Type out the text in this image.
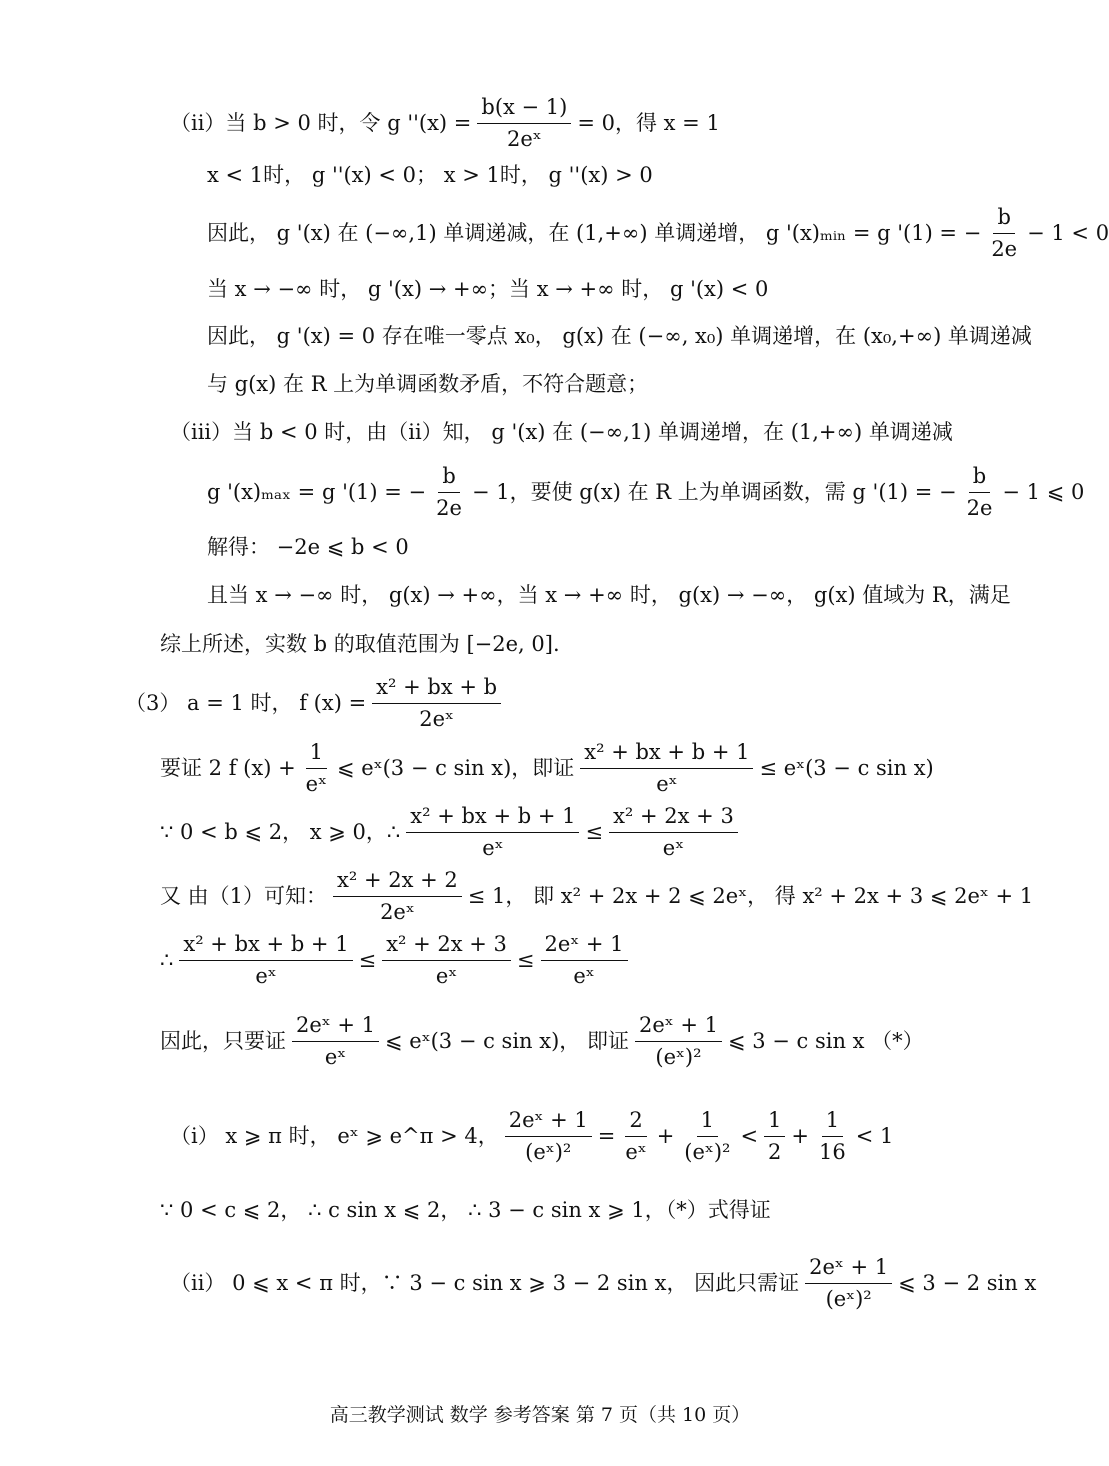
（ii）当 b > 0 时，令 g ''$(x) = \frac{b(x - 1)}{\text{2eˣ}} = 0$，得 x = 1
x < 1时， g ''(x) < 0； x > 1时， g ''(x) > 0
因此， g '(x) 在 (−∞,1) 单调递减，在 (1,+∞) 单调递增， g '(x)ₘᵢₙ = g '(1) = − $\frac{b}{2e} - 1 < 0$
当 x → −∞ 时， g '(x) → +∞；当 x → +∞ 时， g '(x) < 0
因此， g '(x) = 0 存在唯一零点 x₀， g(x) 在 (−∞, x₀) 单调递增，在 (x₀,+∞) 单调递减
与 g(x) 在 R 上为单调函数矛盾，不符合题意；
（iii）当 b < 0 时，由（ii）知， g '(x) 在 (−∞,1) 单调递增，在 (1,+∞) 单调递减
g '(x)ₘₐₓ = g '(1) = − $\frac{b}{2e} - 1$，要使 g(x) 在 R 上为单调函数，需 g '(1) = − $\frac{b}{2e} - 1$ ⩽ 0
解得： −2e ⩽ b < 0
且当 x → −∞ 时， g(x) → +∞，当 x → +∞ 时， g(x) → −∞， g(x) 值域为 R，满足
综上所述，实数 b 的取值范围为 [−2e, 0].
（3） a = 1 时， f $(x) = \frac{\text{x² + bx + b}}{\text{2eˣ}}$
要证 2 f $(x) + \frac{1}{\text{eˣ}}$ ⩽ eˣ(3 − c sin x)，即证 $\frac{\text{x² + bx + b + 1}}{\text{eˣ}}$ ≤ eˣ(3 − c sin x)
∵ 0 < b ⩽ 2， x ⩾ 0，∴ $\frac{\text{x² + bx + b + 1}}{\text{eˣ}} \le \frac{\text{x² + 2x + 3}}{\text{eˣ}}$
又 由（1）可知： $\frac{\text{x² + 2x + 2}}{\text{2eˣ}} \le 1$， 即 x² + 2x + 2 ⩽ 2eˣ， 得 x² + 2x + 3 ⩽ 2eˣ + 1
∴ $\frac{\text{x² + bx + b + 1}}{\text{eˣ}} \le \frac{\text{x² + 2x + 3}}{\text{eˣ}} \le \frac{\text{2eˣ + 1}}{\text{eˣ}}$
因此，只要证 $\frac{\text{2eˣ + 1}}{\text{eˣ}}$ ⩽ eˣ(3 − c sin x)， 即证 $\frac{\text{2eˣ + 1}}{\text{(eˣ)²}}$ ⩽ 3 − c sin x （*）
（i） x ⩾ π 时， eˣ ⩾ e^π > 4， $\frac{\text{2eˣ + 1}}{\text{(eˣ)²}} = \frac{2}{\text{eˣ}} + \frac{1}{\text{(eˣ)²}} < \frac{1}{2} + \frac{1}{16} < 1$
∵ 0 < c ⩽ 2， ∴ c sin x ⩽ 2， ∴ 3 − c sin x ⩾ 1，（*）式得证
（ii） 0 ⩽ x < π 时，∵ 3 − c sin x ⩾ 3 − 2 sin x， 因此只需证 $\frac{\text{2eˣ + 1}}{\text{(eˣ)²}}$ ⩽ 3 − 2 sin x
高三教学测试 数学 参考答案 第 7 页（共 10 页）
